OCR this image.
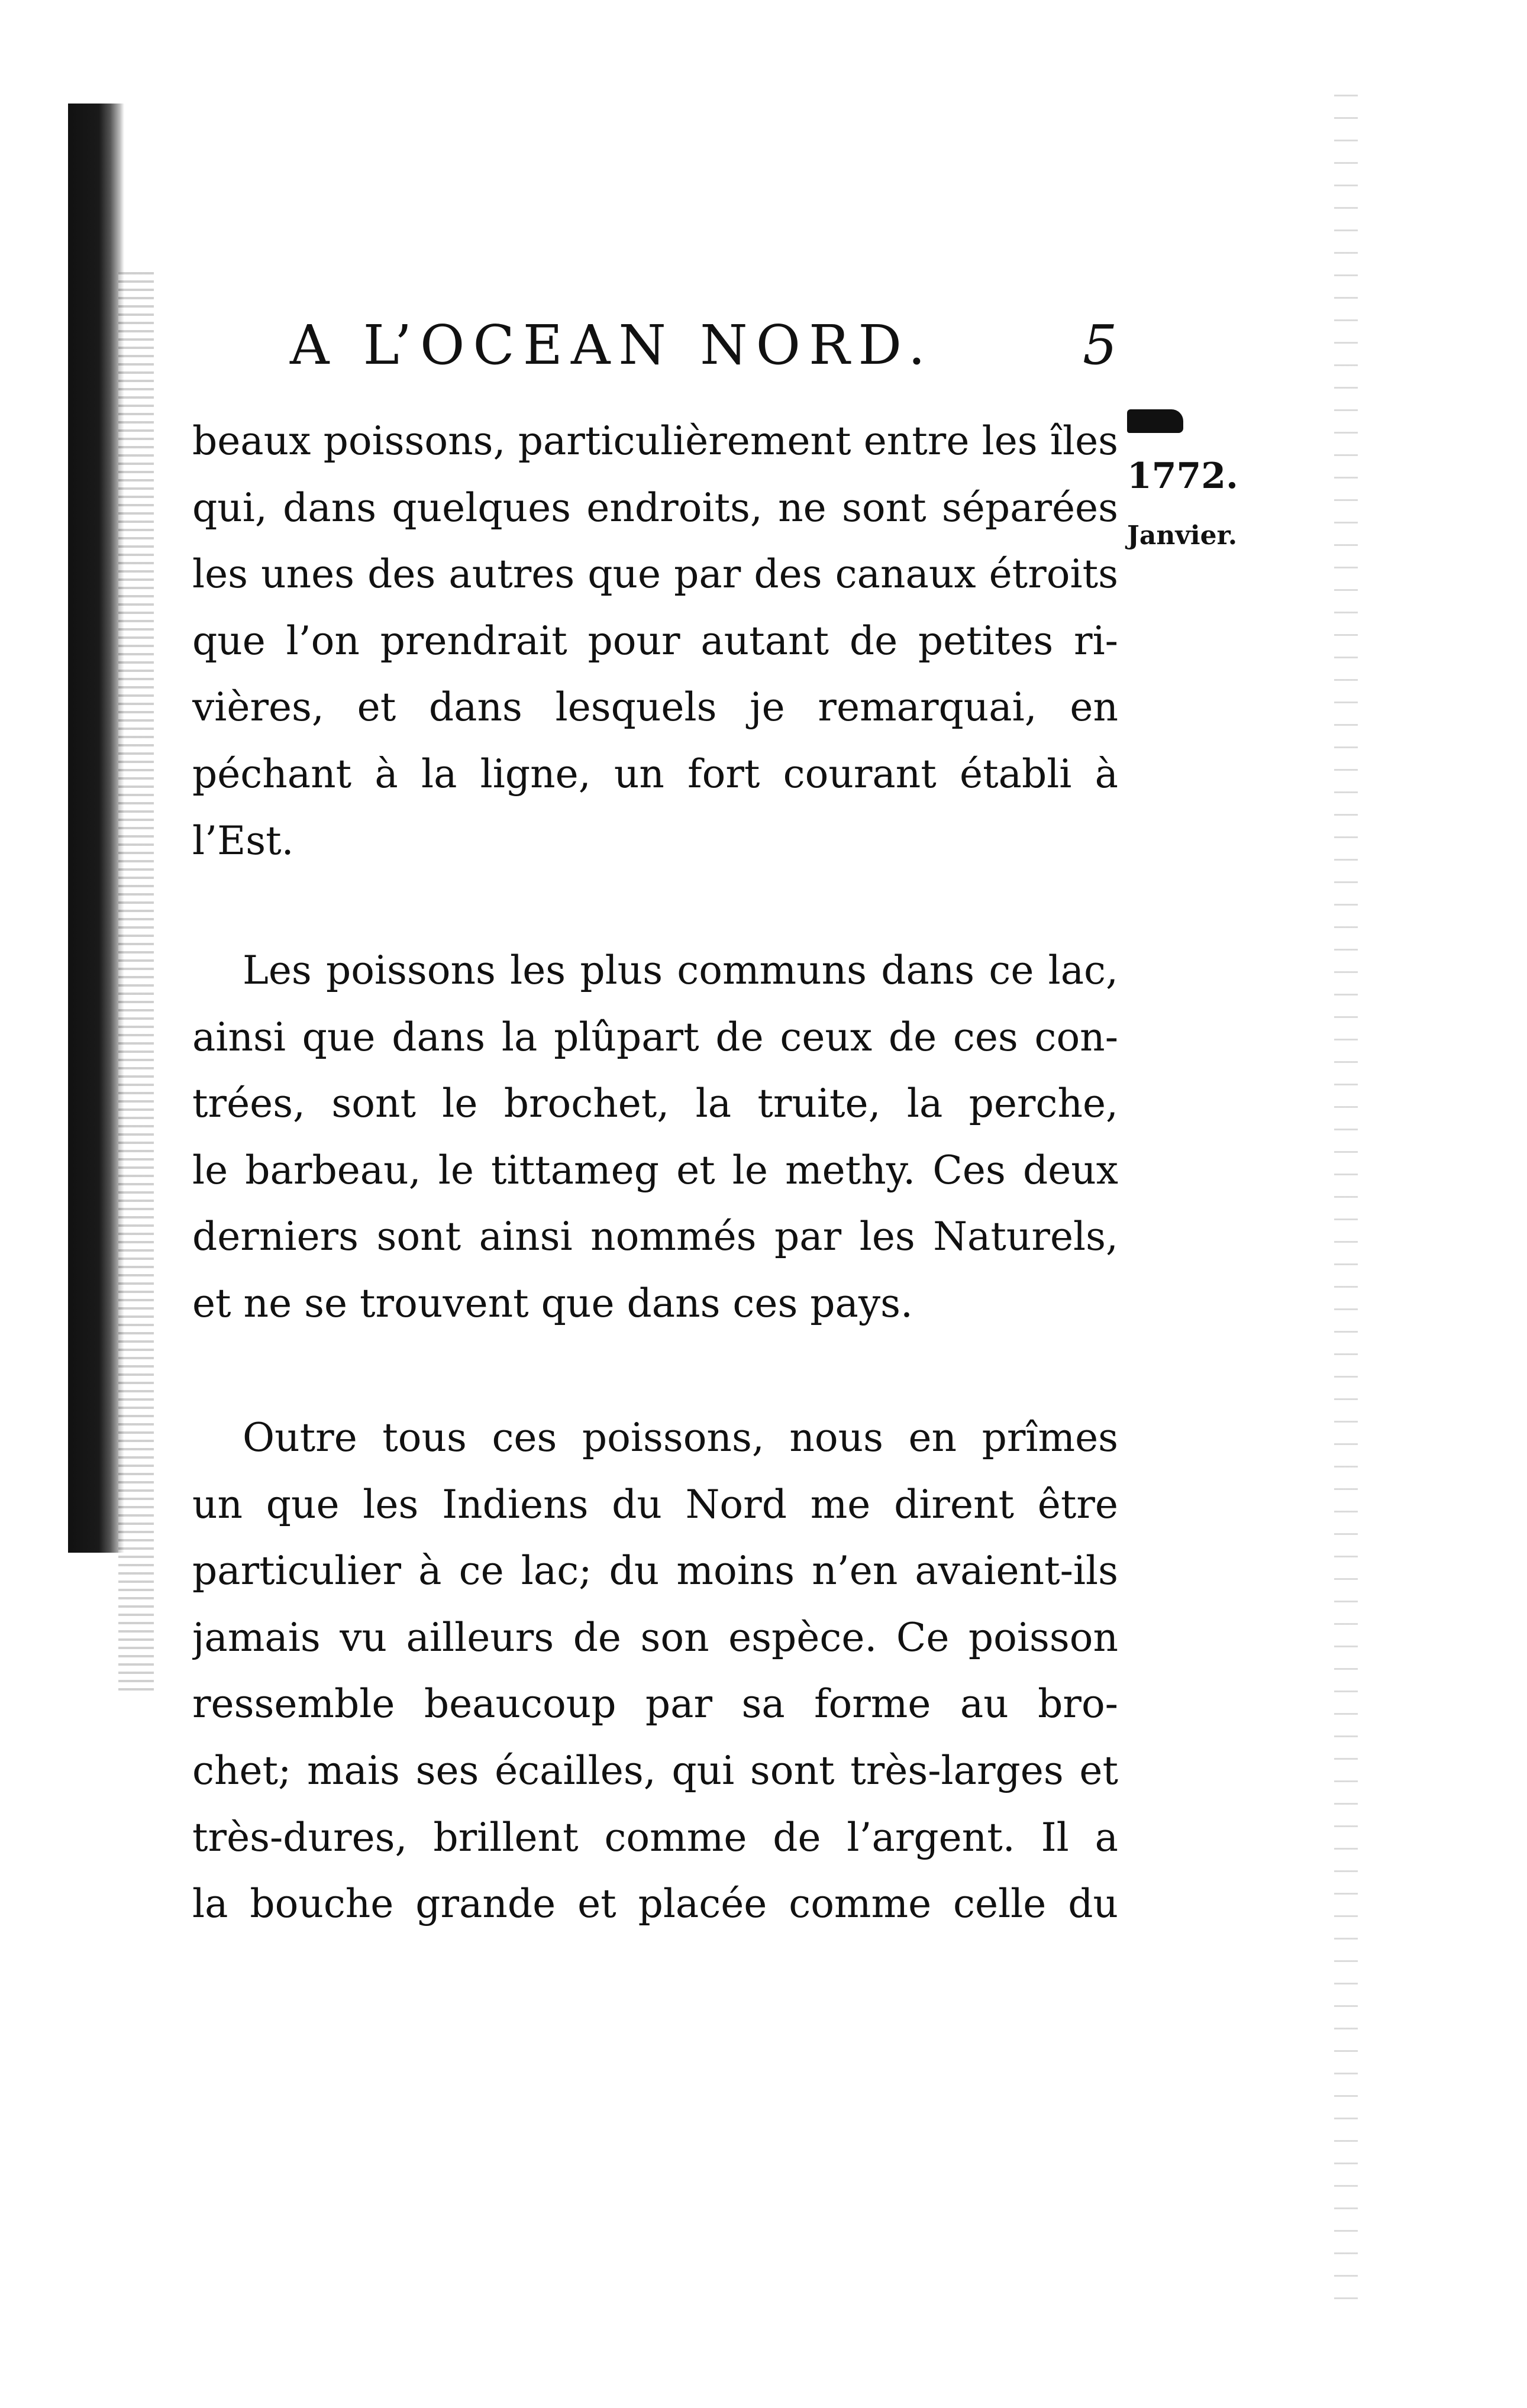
A L’OCEAN NORD.	5
1772.
Janvier.
beaux poissons, particulièrement entre les îles
qui, dans quelques endroits, ne sont séparées
les unes des autres que par des canaux étroits
que l’on prendrait pour autant de petites ri-
vières, et dans lesquels je remarquai, en
péchant à la ligne, un fort courant établi à
l’Est.
Les poissons les plus communs dans ce lac,
ainsi que dans la plûpart de ceux de ces con-
trées, sont le brochet, la truite, la perche,
le barbeau, le tittameg et le methy. Ces deux
derniers sont ainsi nommés par les Naturels,
et ne se trouvent que dans ces pays.
Outre tous ces poissons, nous en prîmes
un que les Indiens du Nord me dirent être
particulier à ce lac; du moins n’en avaient-ils
jamais vu ailleurs de son espèce. Ce poisson
ressemble beaucoup par sa forme au bro-
chet; mais ses écailles, qui sont très-larges et
très-dures, brillent comme de l’argent. Il a
la bouche grande et placée comme celle du
